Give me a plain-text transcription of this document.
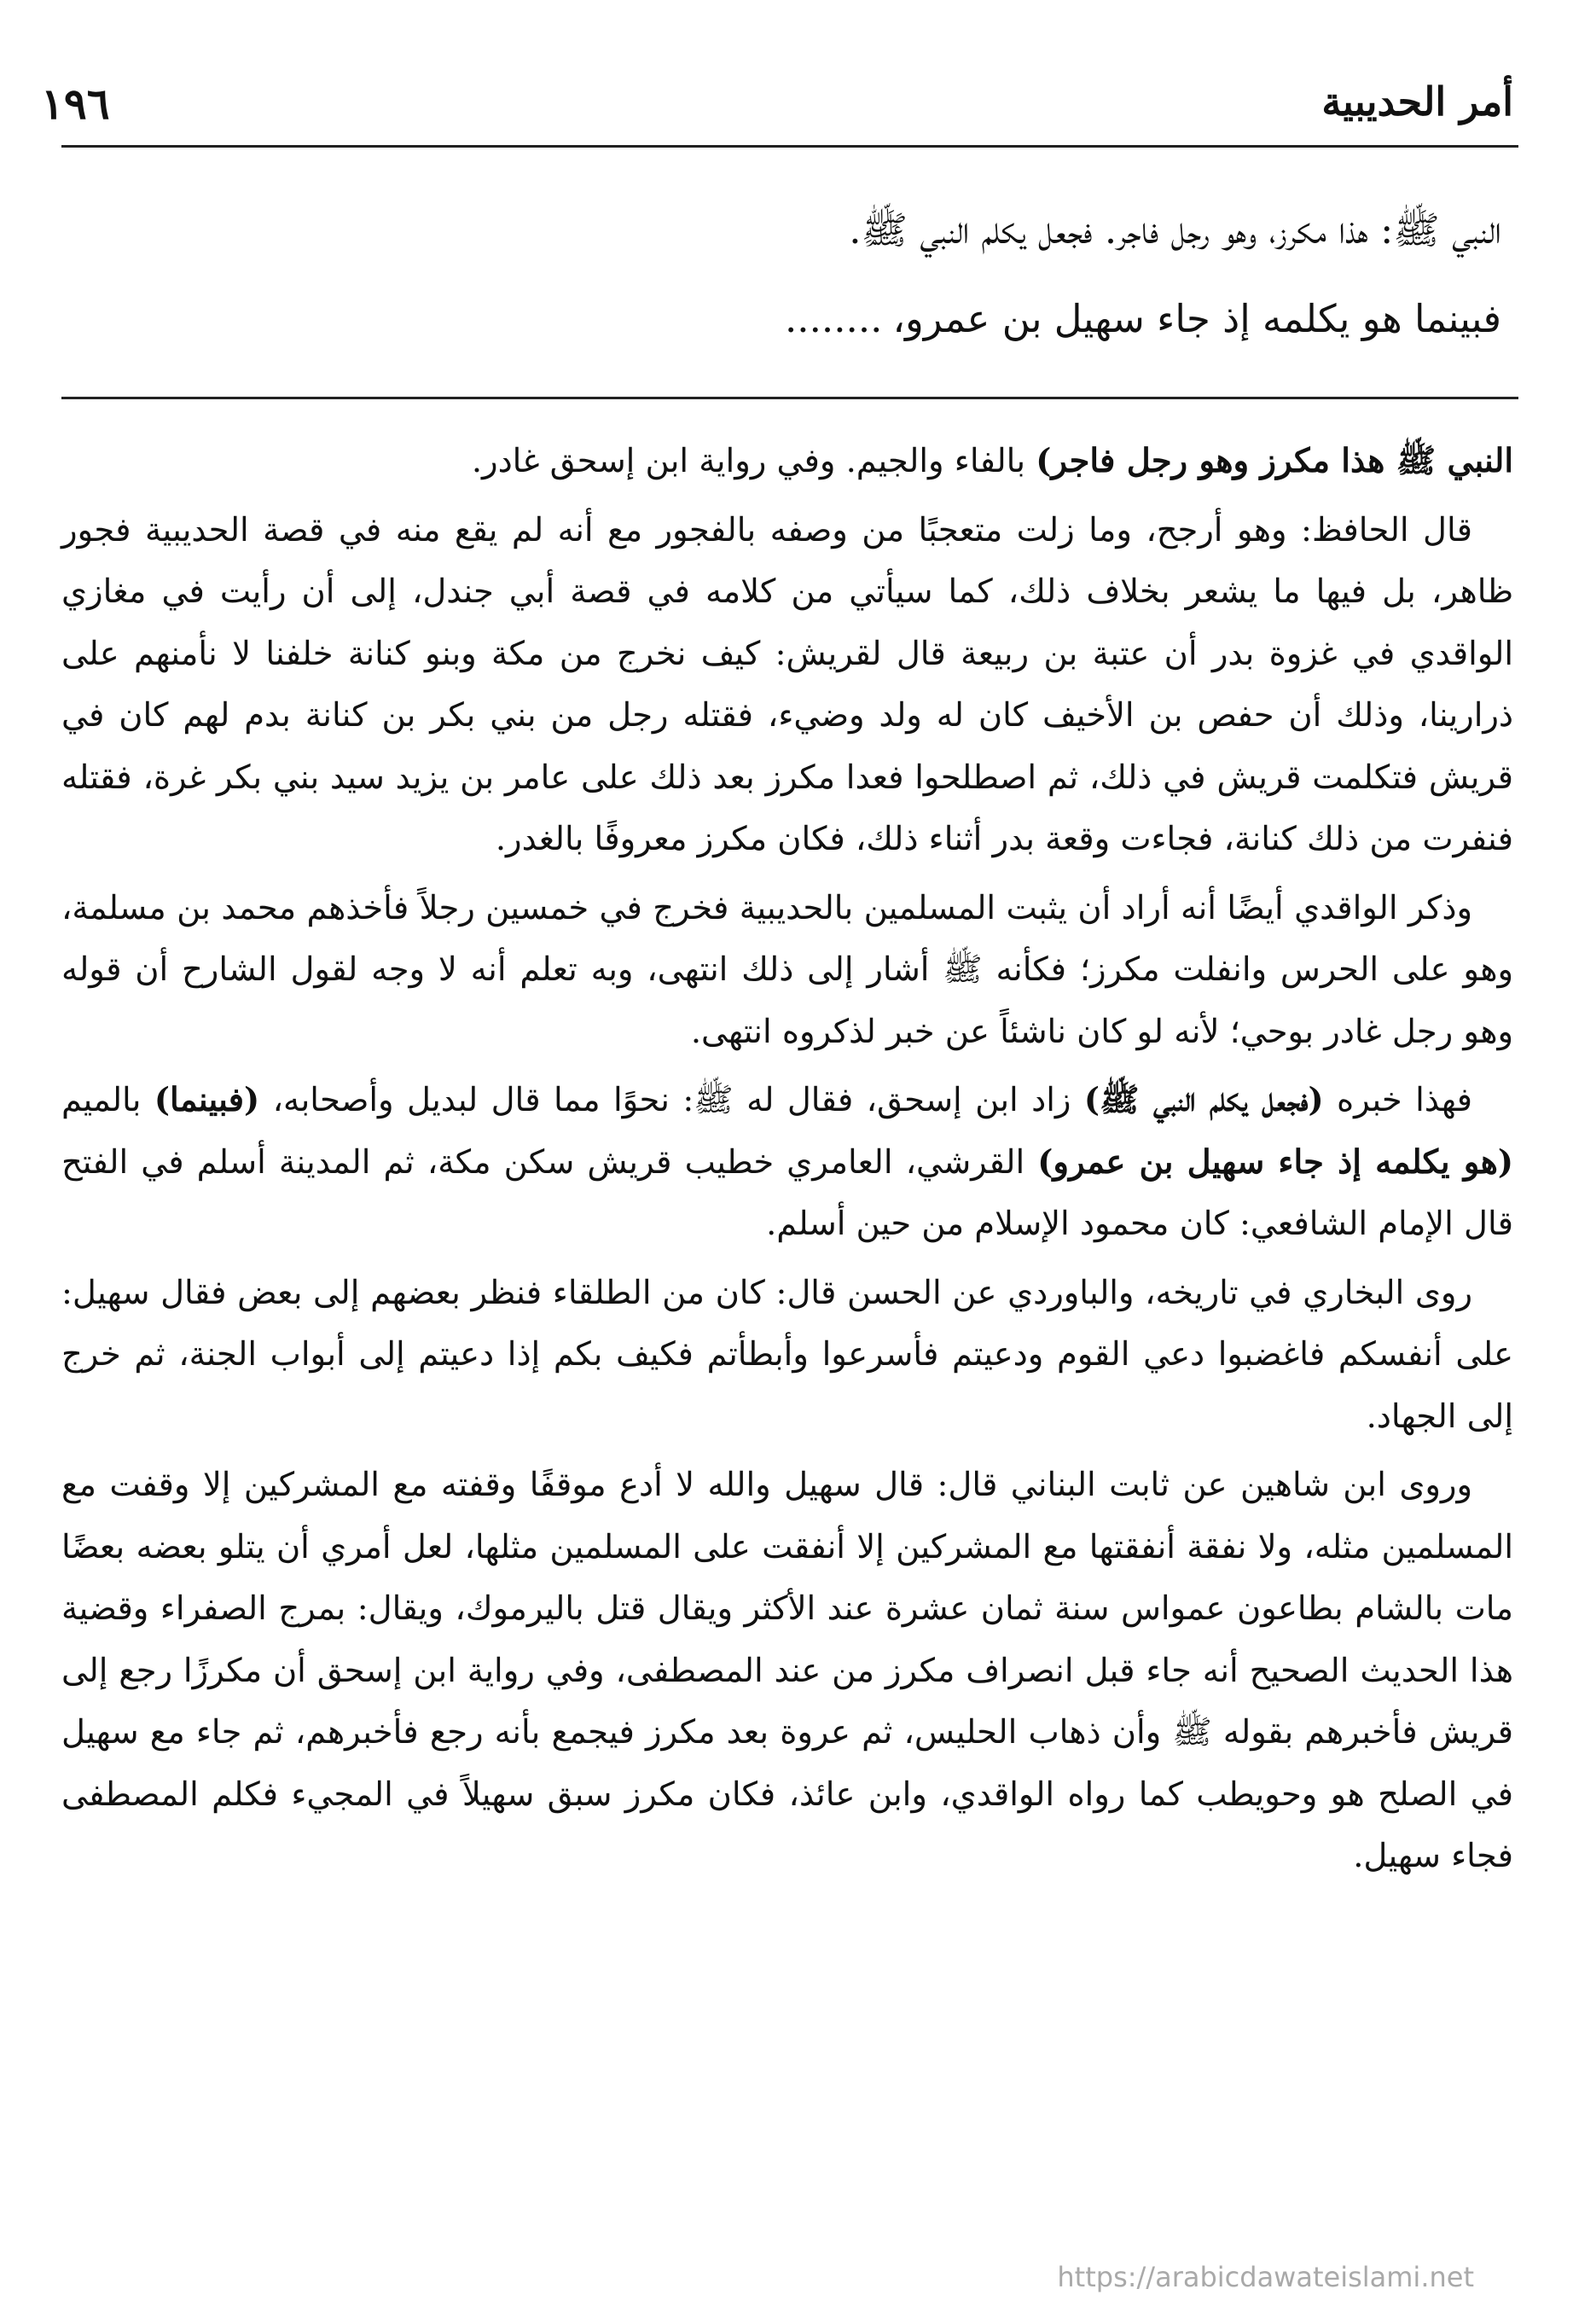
أمر الحديبية
١٩٦

النبي ﷺ: هذا مكرز، وهو رجل فاجر. فجعل يكلم النبي ﷺ.

فبينما هو يكلمه إذ جاء سهيل بن عمرو،........

النبي ﷺ هذا مكرز وهو رجل فاجر) بالفاء والجيم. وفي رواية ابن إسحق غادر.

قال الحافظ: وهو أرجح، وما زلت متعجبًا من وصفه بالفجور مع أنه لم يقع منه في قصة الحديبية فجور ظاهر، بل فيها ما يشعر بخلاف ذلك، كما سيأتي من كلامه في قصة أبي جندل، إلى أن رأيت في مغازي الواقدي في غزوة بدر أن عتبة بن ربيعة قال لقريش: كيف نخرج من مكة وبنو كنانة خلفنا لا نأمنهم على ذرارينا، وذلك أن حفص بن الأخيف كان له ولد وضيء، فقتله رجل من بني بكر بن كنانة بدم لهم كان في قريش فتكلمت قريش في ذلك، ثم اصطلحوا فعدا مكرز بعد ذلك على عامر بن يزيد سيد بني بكر غرة، فقتله فنفرت من ذلك كنانة، فجاءت وقعة بدر أثناء ذلك، فكان مكرز معروفًا بالغدر.

وذكر الواقدي أيضًا أنه أراد أن يثبت المسلمين بالحديبية فخرج في خمسين رجلاً فأخذهم محمد بن مسلمة، وهو على الحرس وانفلت مكرز؛ فكأنه ﷺ أشار إلى ذلك انتهى، وبه تعلم أنه لا وجه لقول الشارح أن قوله وهو رجل غادر بوحي؛ لأنه لو كان ناشئاً عن خبر لذكروه انتهى.

فهذا خبره (فجعل يكلم النبي ﷺ) زاد ابن إسحق، فقال له ﷺ: نحوًا مما قال لبديل وأصحابه، (فبينما) بالميم (هو يكلمه إذ جاء سهيل بن عمرو) القرشي، العامري خطيب قريش سكن مكة، ثم المدينة أسلم في الفتح قال الإمام الشافعي: كان محمود الإسلام من حين أسلم.

روى البخاري في تاريخه، والباوردي عن الحسن قال: كان من الطلقاء فنظر بعضهم إلى بعض فقال سهيل: على أنفسكم فاغضبوا دعي القوم ودعيتم فأسرعوا وأبطأتم فكيف بكم إذا دعيتم إلى أبواب الجنة، ثم خرج إلى الجهاد.

وروى ابن شاهين عن ثابت البناني قال: قال سهيل والله لا أدع موقفًا وقفته مع المشركين إلا وقفت مع المسلمين مثله، ولا نفقة أنفقتها مع المشركين إلا أنفقت على المسلمين مثلها، لعل أمري أن يتلو بعضه بعضًا مات بالشام بطاعون عمواس سنة ثمان عشرة عند الأكثر ويقال قتل باليرموك، ويقال: بمرج الصفراء وقضية هذا الحديث الصحيح أنه جاء قبل انصراف مكرز من عند المصطفى، وفي رواية ابن إسحق أن مكرزًا رجع إلى قريش فأخبرهم بقوله ﷺ وأن ذهاب الحليس، ثم عروة بعد مكرز فيجمع بأنه رجع فأخبرهم، ثم جاء مع سهيل في الصلح هو وحويطب كما رواه الواقدي، وابن عائذ، فكان مكرز سبق سهيلاً في المجيء فكلم المصطفى فجاء سهيل.

https://arabicdawateislami.net
